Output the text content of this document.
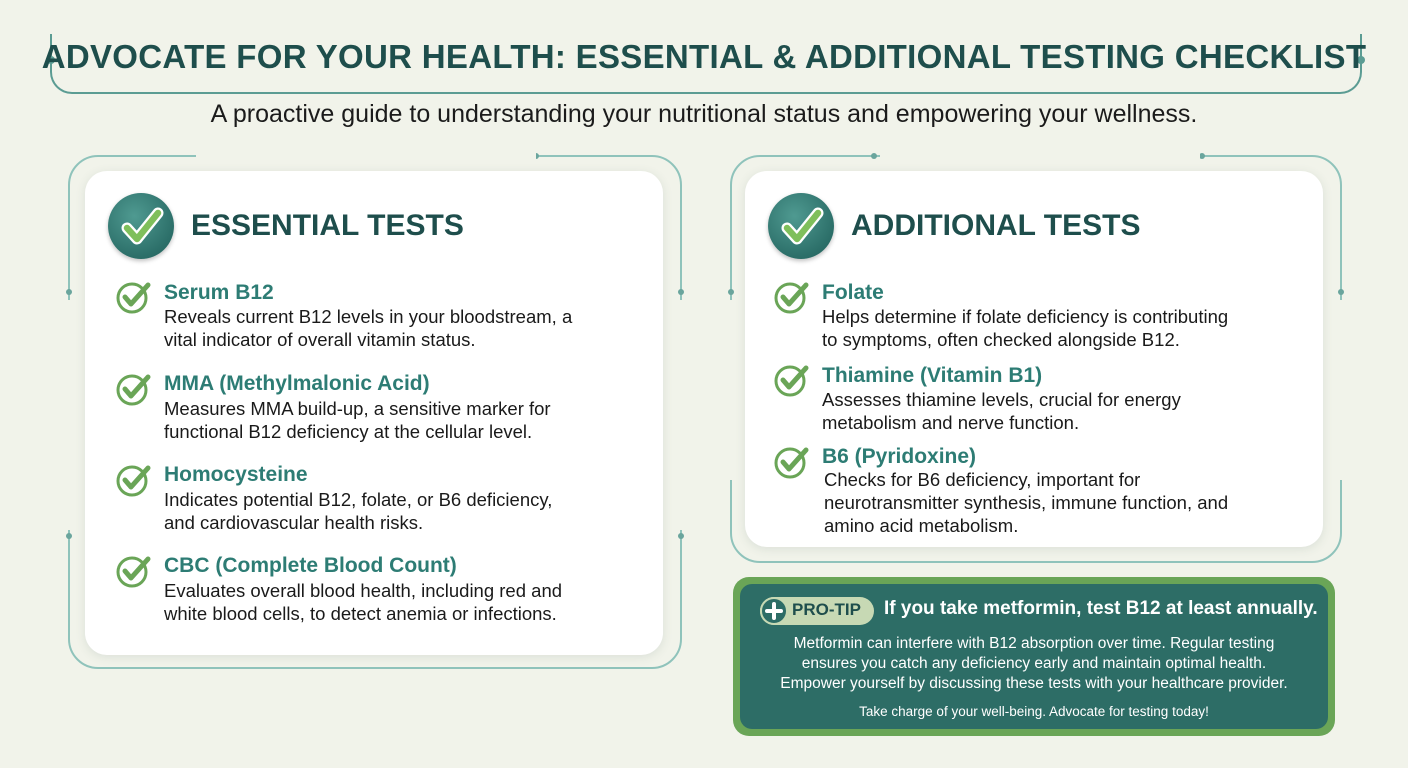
ADVOCATE FOR YOUR HEALTH: ESSENTIAL & ADDITIONAL TESTING CHECKLIST
A proactive guide to understanding your nutritional status and empowering your wellness.
ESSENTIAL TESTS
Serum B12
Reveals current B12 levels in your bloodstream, a
vital indicator of overall vitamin status.
MMA (Methylmalonic Acid)
Measures MMA build-up, a sensitive marker for
functional B12 deficiency at the cellular level.
Homocysteine
Indicates potential B12, folate, or B6 deficiency,
and cardiovascular health risks.
CBC (Complete Blood Count)
Evaluates overall blood health, including red and
white blood cells, to detect anemia or infections.
ADDITIONAL TESTS
Folate
Helps determine if folate deficiency is contributing
to symptoms, often checked alongside B12.
Thiamine (Vitamin B1)
Assesses thiamine levels, crucial for energy
metabolism and nerve function.
B6 (Pyridoxine)
Checks for B6 deficiency, important for
neurotransmitter synthesis, immune function, and
amino acid metabolism.
PRO-TIP If you take metformin, test B12 at least annually.
Metformin can interfere with B12 absorption over time. Regular testing
ensures you catch any deficiency early and maintain optimal health.
Empower yourself by discussing these tests with your healthcare provider.
Take charge of your well-being. Advocate for testing today!
